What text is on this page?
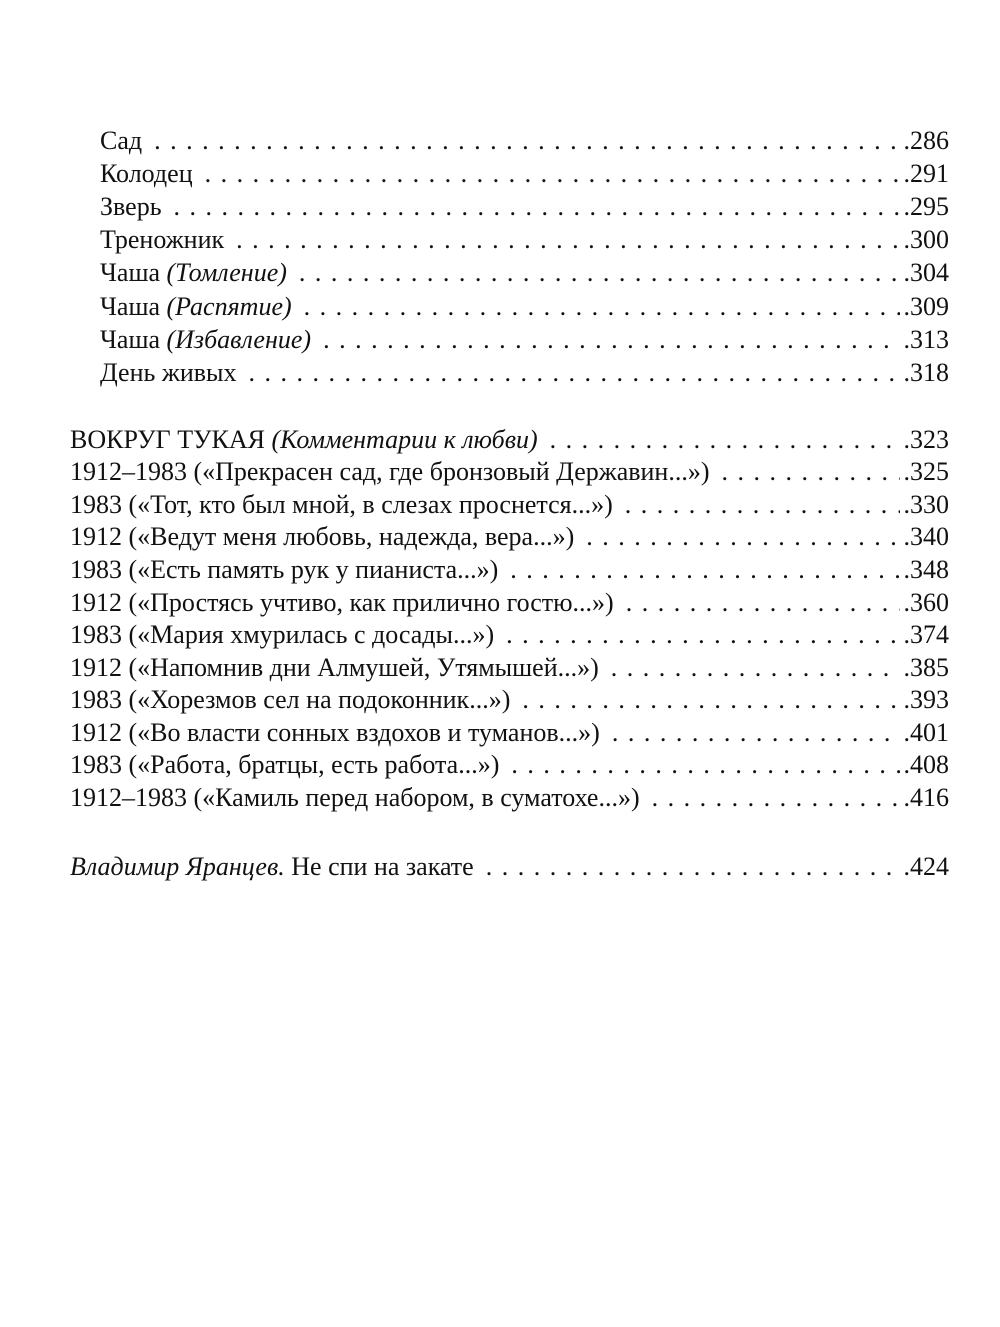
Сад . . .	.286
Колодец . . .	.291
Зверь . . .	.295
Треножник . . .	.300
Чаша (Томление) . . .	.304
Чаша (Распятие) . . .	.309
Чаша (Избавление) . . .	.313
День живых . . .	.318
ВОКРУГ ТУКАЯ (Комментарии к любви) . . .	.323
1912–1983 («Прекрасен сад, где бронзовый Державин...») . . .	.325
1983 («Тот, кто был мной, в слезах проснется...») . . .	.330
1912 («Ведут меня любовь, надежда, вера...») . . .	.340
1983 («Есть память рук у пианиста...») . . .	.348
1912 («Простясь учтиво, как прилично гостю...») . . .	.360
1983 («Мария хмурилась с досады...») . . .	.374
1912 («Напомнив дни Алмушей, Утямышей...») . . .	.385
1983 («Хорезмов сел на подоконник...») . . .	.393
1912 («Во власти сонных вздохов и туманов...») . . .	.401
1983 («Работа, братцы, есть работа...») . . .	.408
1912–1983 («Камиль перед набором, в суматохе...») . . .	.416
Владимир Яранцев. Не спи на закате . . .	.424
